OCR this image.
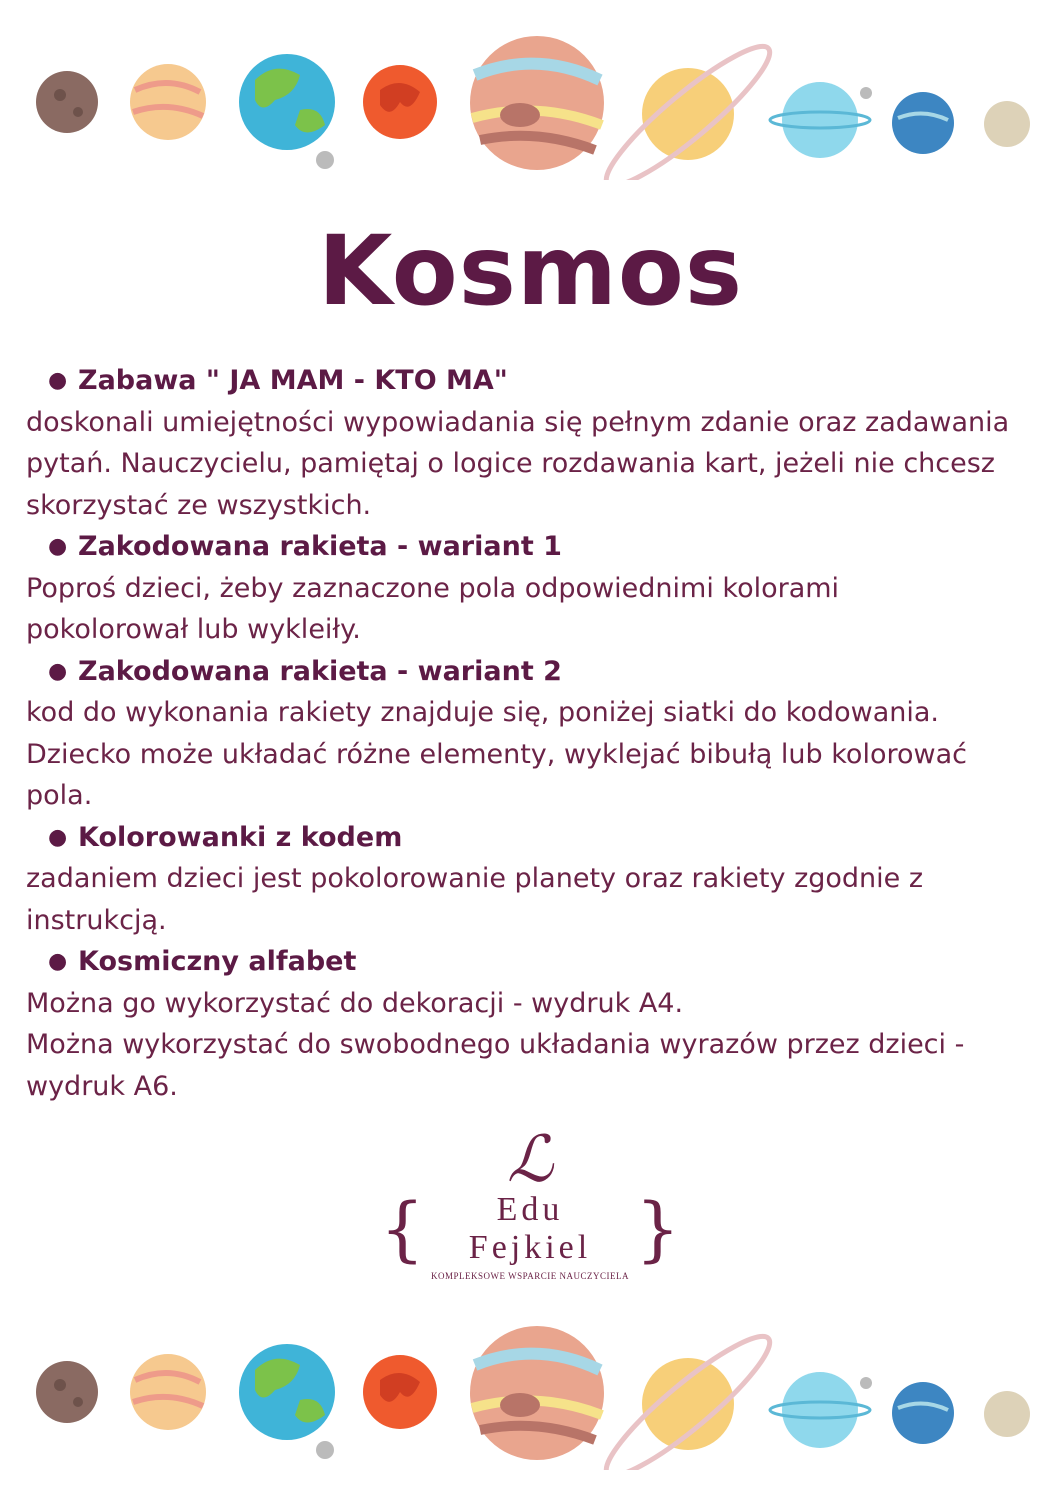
Kosmos
● Zabawa " JA MAM - KTO MA"

doskonali umiejętności wypowiadania się pełnym zdanie oraz zadawania

pytań. Nauczycielu, pamiętaj o logice rozdawania kart, jeżeli nie chcesz

skorzystać ze wszystkich.

● Zakodowana rakieta - wariant 1

Poproś dzieci, żeby zaznaczone pola odpowiednimi kolorami

pokolorował lub wykleiły.

● Zakodowana rakieta - wariant 2

kod do wykonania rakiety znajduje się, poniżej siatki do kodowania.

Dziecko może układać różne elementy, wyklejać bibułą lub kolorować

pola.

● Kolorowanki z kodem

zadaniem dzieci jest pokolorowanie planety oraz rakiety zgodnie z

instrukcją.

● Kosmiczny alfabet

Można go wykorzystać do dekoracji - wydruk A4.

Można wykorzystać do swobodnego układania wyrazów przez dzieci -

wydruk A6.

ℒ
{	Edu Fejkiel }
KOMPLEKSOWE WSPARCIE NAUCZYCIELA
